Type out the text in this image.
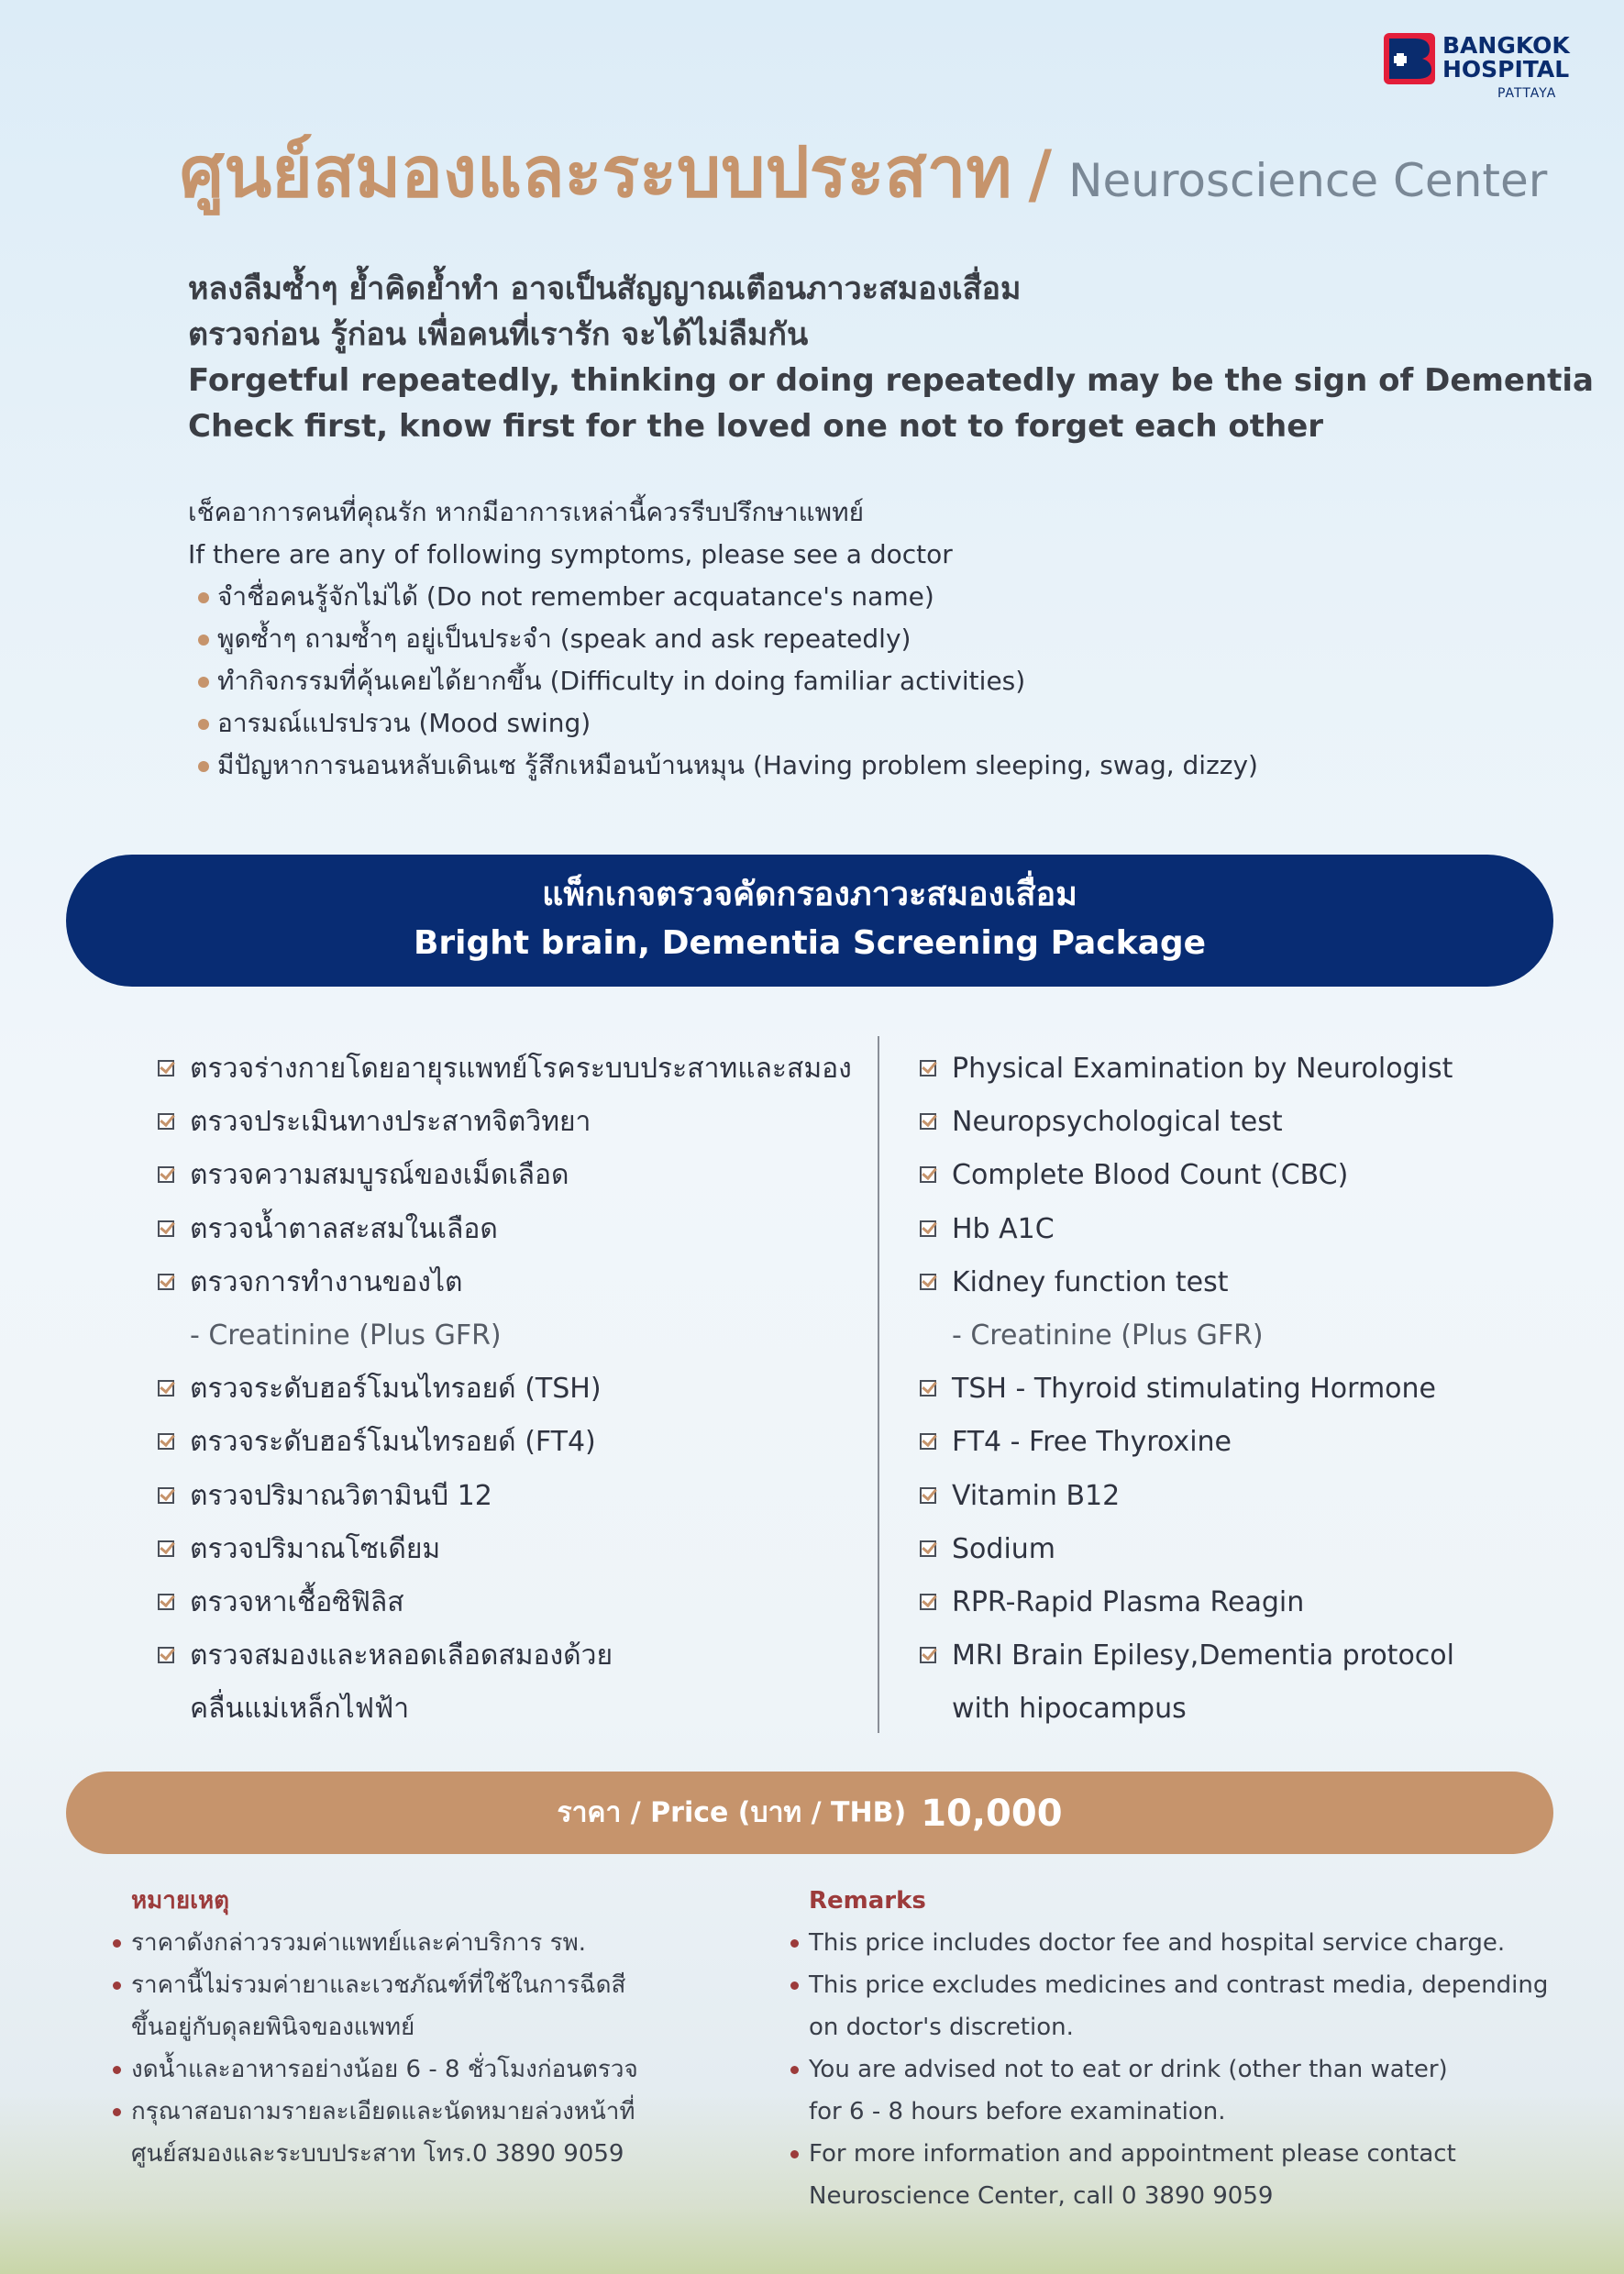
BANGKOK
HOSPITAL
PATTAYA
ศูนย์สมองและระบบประสาท / Neuroscience Center
หลงลืมซ้ำๆ ย้ำคิดย้ำทำ อาจเป็นสัญญาณเตือนภาวะสมองเสื่อม
ตรวจก่อน รู้ก่อน เพื่อคนที่เรารัก จะได้ไม่ลืมกัน
Forgetful repeatedly, thinking or doing repeatedly may be the sign of Dementia
Check first, know first for the loved one not to forget each other
เช็คอาการคนที่คุณรัก หากมีอาการเหล่านี้ควรรีบปรึกษาแพทย์
If there are any of following symptoms, please see a doctor
จำชื่อคนรู้จักไม่ได้ (Do not remember acquatance's name)
พูดซ้ำๆ ถามซ้ำๆ อยู่เป็นประจำ (speak and ask repeatedly)
ทำกิจกรรมที่คุ้นเคยได้ยากขึ้น (Difficulty in doing familiar activities)
อารมณ์แปรปรวน (Mood swing)
มีปัญหาการนอนหลับเดินเซ รู้สึกเหมือนบ้านหมุน (Having problem sleeping, swag, dizzy)
แพ็กเกจตรวจคัดกรองภาวะสมองเสื่อม
Bright brain, Dementia Screening Package
ตรวจร่างกายโดยอายุรแพทย์โรคระบบประสาทและสมอง
ตรวจประเมินทางประสาทจิตวิทยา
ตรวจความสมบูรณ์ของเม็ดเลือด
ตรวจน้ำตาลสะสมในเลือด
ตรวจการทำงานของไต
- Creatinine (Plus GFR)
ตรวจระดับฮอร์โมนไทรอยด์ (TSH)
ตรวจระดับฮอร์โมนไทรอยด์ (FT4)
ตรวจปริมาณวิตามินบี 12
ตรวจปริมาณโซเดียม
ตรวจหาเชื้อซิฟิลิส
ตรวจสมองและหลอดเลือดสมองด้วย
คลื่นแม่เหล็กไฟฟ้า
Physical Examination by Neurologist
Neuropsychological test
Complete Blood Count (CBC)
Hb A1C
Kidney function test
- Creatinine (Plus GFR)
TSH - Thyroid stimulating Hormone
FT4 - Free Thyroxine
Vitamin B12
Sodium
RPR-Rapid Plasma Reagin
MRI Brain Epilesy,Dementia protocol
with hipocampus
ราคา / Price (บาท / THB) 10,000
หมายเหตุ
ราคาดังกล่าวรวมค่าแพทย์และค่าบริการ รพ.
ราคานี้ไม่รวมค่ายาและเวชภัณฑ์ที่ใช้ในการฉีดสี
ขึ้นอยู่กับดุลยพินิจของแพทย์
งดน้ำและอาหารอย่างน้อย 6 - 8 ชั่วโมงก่อนตรวจ
กรุณาสอบถามรายละเอียดและนัดหมายล่วงหน้าที่
ศูนย์สมองและระบบประสาท โทร.0 3890 9059
Remarks
This price includes doctor fee and hospital service charge.
This price excludes medicines and contrast media, depending
on doctor's discretion.
You are advised not to eat or drink (other than water)
for 6 - 8 hours before examination.
For more information and appointment please contact
Neuroscience Center, call 0 3890 9059
